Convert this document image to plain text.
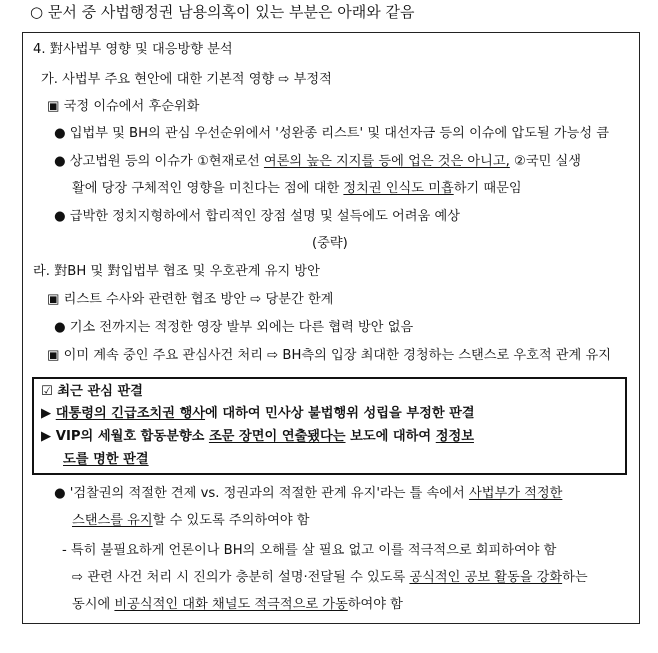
○ 문서 중 사법행정권 남용의혹이 있는 부분은 아래와 같음
4. 對사법부 영향 및 대응방향 분석
가. 사법부 주요 현안에 대한 기본적 영향 ⇨ 부정적
▣ 국정 이슈에서 후순위화
● 입법부 및 BH의 관심 우선순위에서 '성완종 리스트' 및 대선자금 등의 이슈에 압도될 가능성 큼
● 상고법원 등의 이슈가 ①현재로선 여론의 높은 지지를 등에 업은 것은 아니고, ②국민 실생
활에 당장 구체적인 영향을 미친다는 점에 대한 정치권 인식도 미흡하기 때문임
● 급박한 정치지형하에서 합리적인 장점 설명 및 설득에도 어려움 예상
(중략)
라. 對BH 및 對입법부 협조 및 우호관계 유지 방안
▣ 리스트 수사와 관련한 협조 방안 ⇨ 당분간 한계
● 기소 전까지는 적정한 영장 발부 외에는 다른 협력 방안 없음
▣ 이미 계속 중인 주요 관심사건 처리 ⇨ BH측의 입장 최대한 경청하는 스탠스로 우호적 관계 유지
☑ 최근 관심 판결
▶ 대통령의 긴급조치권 행사에 대하여 민사상 불법행위 성립을 부정한 판결
▶ VIP의 세월호 합동분향소 조문 장면이 연출됐다는 보도에 대하여 정정보
도를 명한 판결
● '검찰권의 적절한 견제 vs. 정권과의 적절한 관계 유지'라는 틀 속에서 사법부가 적정한
스탠스를 유지할 수 있도록 주의하여야 함
- 특히 불필요하게 언론이나 BH의 오해를 살 필요 없고 이를 적극적으로 회피하여야 함
⇨ 관련 사건 처리 시 진의가 충분히 설명·전달될 수 있도록 공식적인 공보 활동을 강화하는
동시에 비공식적인 대화 채널도 적극적으로 가동하여야 함
